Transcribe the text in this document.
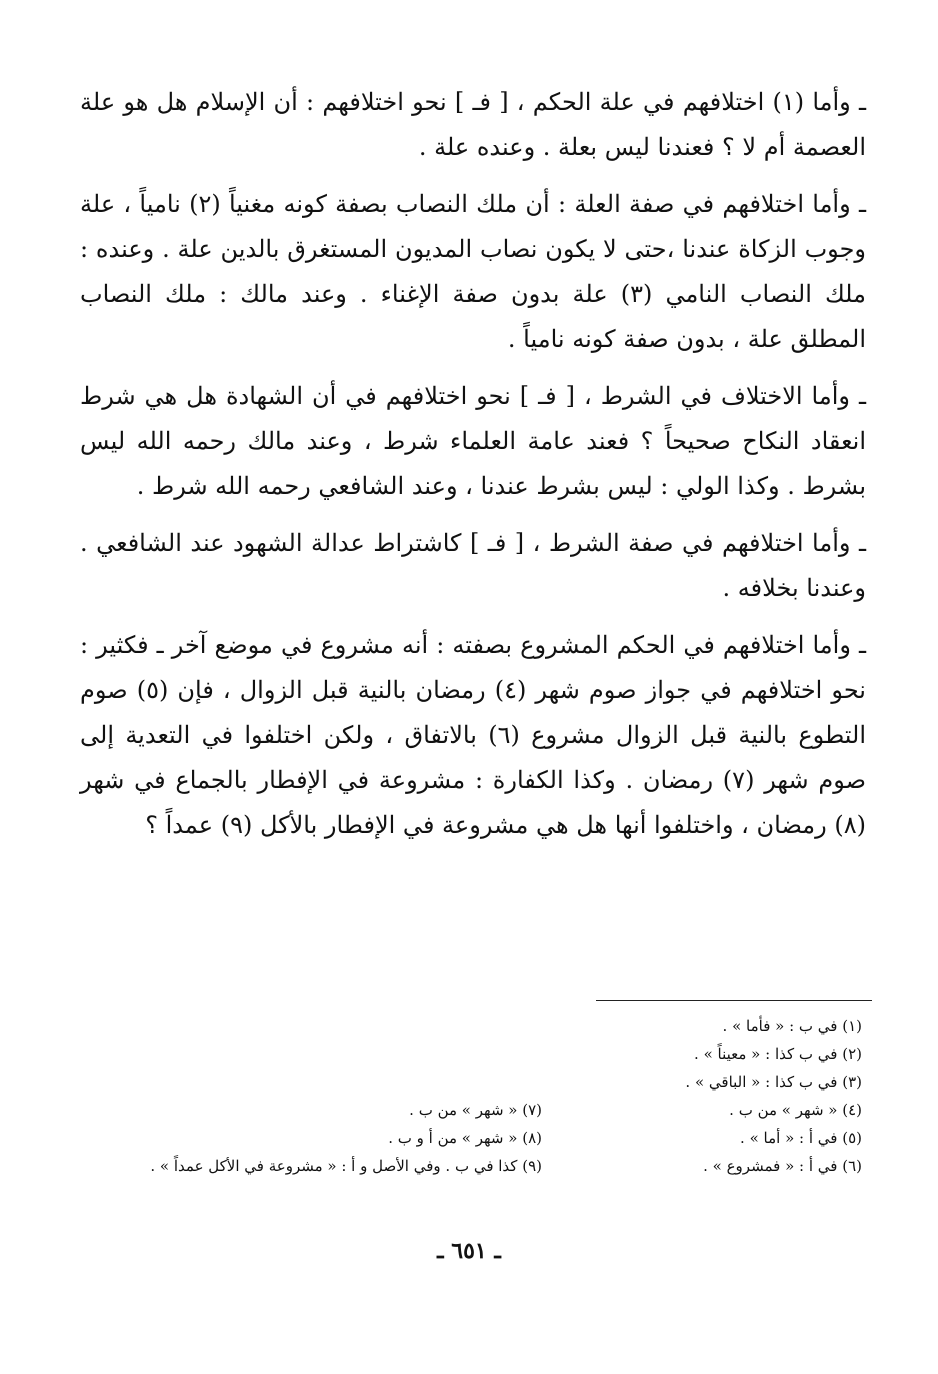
ـ وأما (١) اختلافهم في علة الحكم ، [ فـ ] نحو اختلافهم : أن الإسلام هل هو علة العصمة أم لا ؟ فعندنا ليس بعلة . وعنده علة .

ـ وأما اختلافهم في صفة العلة : أن ملك النصاب بصفة كونه مغنياً (٢) نامياً ، علة وجوب الزكاة عندنا ،حتى لا يكون نصاب المديون المستغرق بالدين علة . وعنده : ملك النصاب النامي (٣) علة بدون صفة الإغناء . وعند مالك : ملك النصاب المطلق علة ، بدون صفة كونه نامياً .

ـ وأما الاختلاف في الشرط ، [ فـ ] نحو اختلافهم في أن الشهادة هل هي شرط انعقاد النكاح صحيحاً ؟ فعند عامة العلماء شرط ، وعند مالك رحمه الله ليس بشرط . وكذا الولي : ليس بشرط عندنا ، وعند الشافعي رحمه الله شرط .

ـ وأما اختلافهم في صفة الشرط ، [ فـ ] كاشتراط عدالة الشهود عند الشافعي . وعندنا بخلافه .

ـ وأما اختلافهم في الحكم المشروع بصفته : أنه مشروع في موضع آخر ـ فكثير : نحو اختلافهم في جواز صوم شهر (٤) رمضان بالنية قبل الزوال ، فإن (٥) صوم التطوع بالنية قبل الزوال مشروع (٦) بالاتفاق ، ولكن اختلفوا في التعدية إلى صوم شهر (٧) رمضان . وكذا الكفارة : مشروعة في الإفطار بالجماع في شهر (٨) رمضان ، واختلفوا أنها هل هي مشروعة في الإفطار بالأكل (٩) عمداً ؟

(١) في ب : « فأما » .
(٢) في ب كذا : « معيناً » .
(٣) في ب كذا : « الباقي » .
(٤) « شهر » من ب .
(٥) في أ : « أما » .
(٦) في أ : « فمشروع » .
(٧) « شهر » من ب .
(٨) « شهر » من أ و ب .
(٩) كذا في ب . وفي الأصل و أ : « مشروعة في الأكل عمداً » .
ـ ٦٥١ ـ
